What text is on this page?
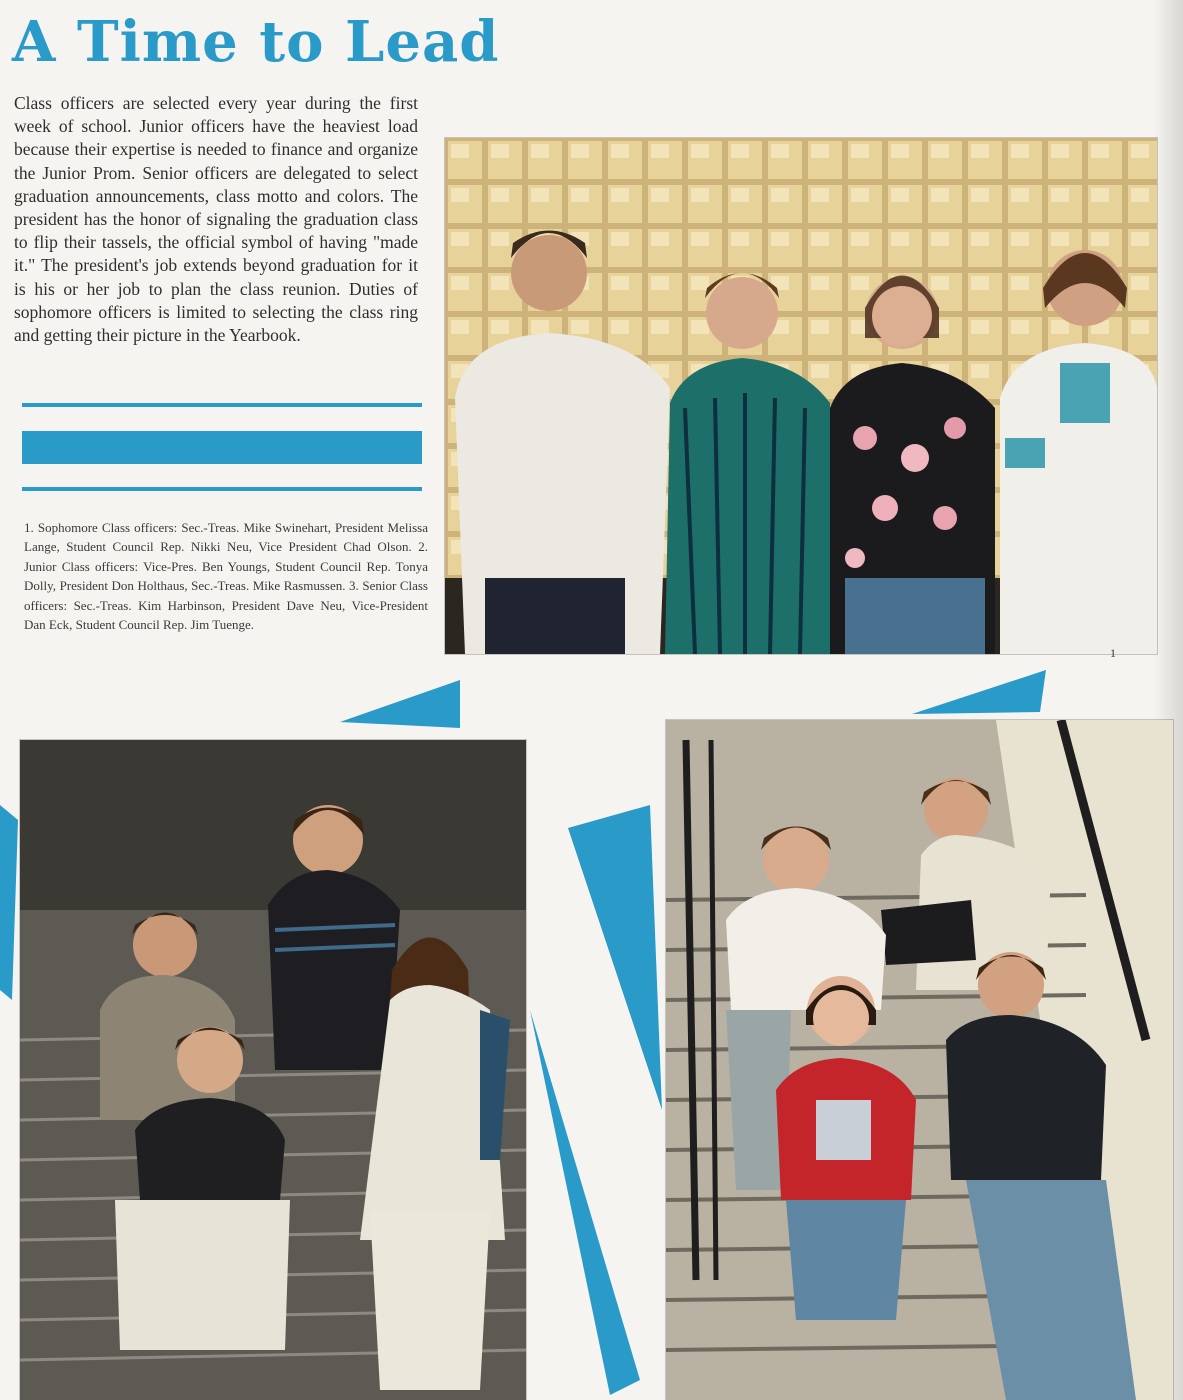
A Time to Lead

Class officers are selected every year during the first week of school. Junior officers have the heaviest load because their expertise is needed to finance and organize the Junior Prom. Senior officers are delegated to select graduation announcements, class motto and colors. The president has the honor of signaling the graduation class to flip their tassels, the official symbol of having "made it." The president's job extends beyond graduation for it is his or her job to plan the class reunion. Duties of sophomore officers is limited to selecting the class ring and getting their picture in the Yearbook.

1. Sophomore Class officers: Sec.-Treas. Mike Swinehart, President Melissa Lange, Student Council Rep. Nikki Neu, Vice President Chad Olson. 2. Junior Class officers: Vice-Pres. Ben Youngs, Student Council Rep. Tonya Dolly, President Don Holthaus, Sec.-Treas. Mike Rasmussen. 3. Senior Class officers: Sec.-Treas. Kim Harbinson, President Dave Neu, Vice-President Dan Eck, Student Council Rep. Jim Tuenge.

1
